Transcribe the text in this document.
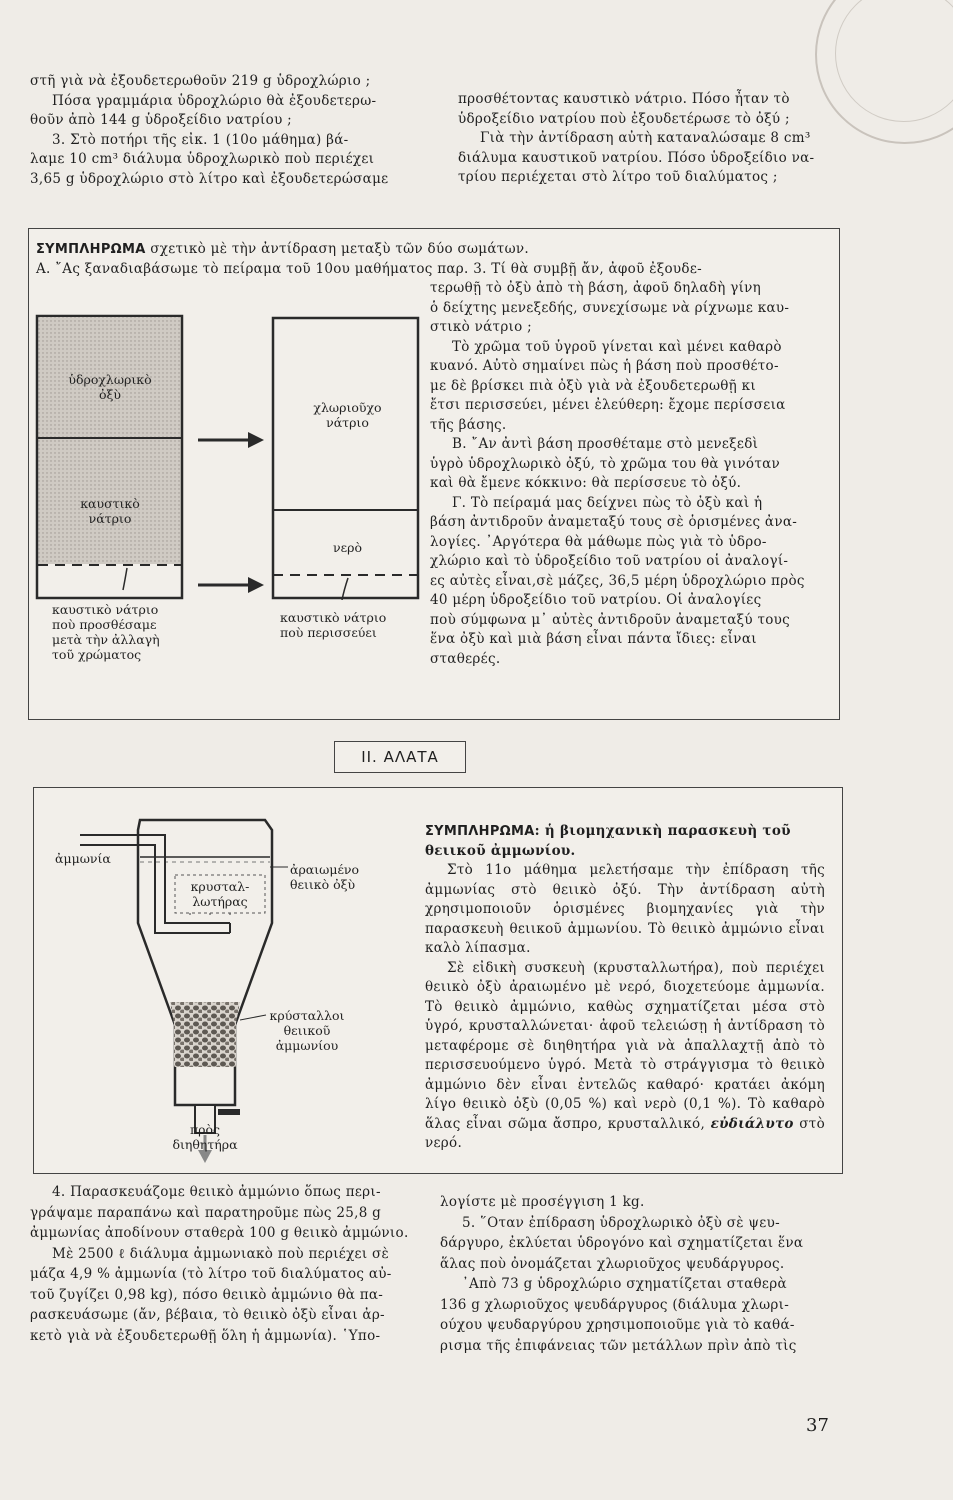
στῆ γιὰ νὰ ἐξουδετερωθοῦν 219 g ὑδροχλώριο ;

Πόσα γραμμάρια ὑδροχλώριο θὰ ἐξουδετερω-

θοῦν ἀπὸ 144 g ὑδροξείδιο νατρίου ;

3. Στὸ ποτήρι τῆς εἰκ. 1 (10ο μάθημα) βά-

λαμε 10 cm³ διάλυμα ὑδροχλωρικὸ ποὺ περιέχει

3,65 g ὑδροχλώριο στὸ λίτρο καὶ ἐξουδετερώσαμε

προσθέτοντας καυστικὸ νάτριο. Πόσο ἦταν τὸ

ὑδροξείδιο νατρίου ποὺ ἐξουδετέρωσε τὸ ὀξύ ;

Γιὰ τὴν ἀντίδραση αὐτὴ καταναλώσαμε 8 cm³

διάλυμα καυστικοῦ νατρίου. Πόσο ὑδροξείδιο να-

τρίου περιέχεται στὸ λίτρο τοῦ διαλύματος ;

ΣΥΜΠΛΗΡΩΜΑ σχετικὸ μὲ τὴν ἀντίδραση μεταξὺ τῶν δύο σωμάτων.

Α. ῎Ας ξαναδιαβάσωμε τὸ πείραμα τοῦ 10ου μαθήματος παρ. 3. Τί θὰ συμβῇ ἄν, ἀφοῦ ἐξουδε-

τερωθῇ τὸ ὀξὺ ἀπὸ τὴ βάση, ἀφοῦ δηλαδὴ γίνη

ὁ δείχτης μενεξεδής, συνεχίσωμε νὰ ρίχνωμε καυ-

στικὸ νάτριο ;

Τὸ χρῶμα τοῦ ὑγροῦ γίνεται καὶ μένει καθαρὸ

κυανό. Αὐτὸ σημαίνει πὼς ἡ βάση ποὺ προσθέτο-

με δὲ βρίσκει πιὰ ὀξὺ γιὰ νὰ ἐξουδετερωθῇ κι

ἔτσι περισσεύει, μένει ἐλεύθερη: ἔχομε περίσσεια

τῆς βάσης.

Β. ῎Αν ἀντὶ βάση προσθέταμε στὸ μενεξεδὶ

ὑγρὸ ὑδροχλωρικὸ ὀξύ, τὸ χρῶμα του θὰ γινόταν

καὶ θὰ ἔμενε κόκκινο: θὰ περίσσευε τὸ ὀξύ.

Γ. Τὸ πείραμά μας δείχνει πὼς τὸ ὀξὺ καὶ ἡ

βάση ἀντιδροῦν ἀναμεταξύ τους σὲ ὁρισμένες ἀνα-

λογίες. ᾿Αργότερα θὰ μάθωμε πὼς γιὰ τὸ ὑδρο-

χλώριο καὶ τὸ ὑδροξείδιο τοῦ νατρίου οἱ ἀναλογί-

ες αὐτὲς εἶναι,σὲ μάζες, 36,5 μέρη ὑδροχλώριο πρὸς

40 μέρη ὑδροξείδιο τοῦ νατρίου. Οἱ ἀναλογίες

ποὺ σύμφωνα μ᾿ αὐτὲς ἀντιδροῦν ἀναμεταξύ τους

ἕνα ὀξὺ καὶ μιὰ βάση εἶναι πάντα ἴδιες: εἶναι

σταθερές.

ὑδροχλωρικὸ
ὀξὺ
καυστικὸ
νάτριο
χλωριοῦχο
νάτριο
νερὸ
καυστικὸ νάτριο
ποὺ προσθέσαμε
μετὰ τὴν ἀλλαγὴ
τοῦ χρώματος
καυστικὸ νάτριο
ποὺ περισσεύει
II. ΑΛΑΤΑ

ΣΥΜΠΛΗΡΩΜΑ: ἡ βιομηχανικὴ παρασκευὴ τοῦ θειικοῦ ἀμμωνίου.

Στὸ 11ο μάθημα μελετήσαμε τὴν ἐπίδραση τῆς ἀμμωνίας στὸ θειικὸ ὀξύ. Τὴν ἀντίδραση αὐτὴ χρησιμοποιοῦν ὁρισμένες βιομηχανίες γιὰ τὴν παρασκευὴ θειικοῦ ἀμμωνίου. Τὸ θειικὸ ἀμμώνιο εἶναι καλὸ λίπασμα.

Σὲ εἰδικὴ συσκευὴ (κρυσταλλωτήρα), ποὺ περιέχει θειικὸ ὀξὺ ἀραιωμένο μὲ νερό, διοχετεύομε ἀμμωνία. Τὸ θειικὸ ἀμμώνιο, καθὼς σχηματίζεται μέσα στὸ ὑγρό, κρυσταλλώνεται· ἀφοῦ τελειώσῃ ἡ ἀντίδραση τὸ μεταφέρομε σὲ διηθητήρα γιὰ νὰ ἀπαλλαχτῇ ἀπὸ τὸ περισσευούμενο ὑγρό. Μετὰ τὸ στράγγισμα τὸ θειικὸ ἀμμώνιο δὲν εἶναι ἐντελῶς καθαρό· κρατάει ἀκόμη λίγο θειικὸ ὀξὺ (0,05 %) καὶ νερὸ (0,1 %). Τὸ καθαρὸ ἅλας εἶναι σῶμα ἄσπρο, κρυσταλλικό, εὐδιάλυτο στὸ νερό.

ἀμμωνία
κρυσταλ-
λωτήρας
ἀραιωμένο
θειικὸ ὀξὺ
κρύσταλλοι
θειικοῦ
ἀμμωνίου
πρὸς
διηθητήρα

4. Παρασκευάζομε θειικὸ ἀμμώνιο ὅπως περι-

γράψαμε παραπάνω καὶ παρατηροῦμε πὼς 25,8 g

ἀμμωνίας ἀποδίνουν σταθερὰ 100 g θειικὸ ἀμμώνιο.

Μὲ 2500 ℓ διάλυμα ἀμμωνιακὸ ποὺ περιέχει σὲ

μάζα 4,9 % ἀμμωνία (τὸ λίτρο τοῦ διαλύματος αὐ-

τοῦ ζυγίζει 0,98 kg), πόσο θειικὸ ἀμμώνιο θὰ πα-

ρασκευάσωμε (ἄν, βέβαια, τὸ θειικὸ ὀξὺ εἶναι ἀρ-

κετὸ γιὰ νὰ ἐξουδετερωθῇ ὅλη ἡ ἀμμωνία). ῾Υπο-

λογίστε μὲ προσέγγιση 1 kg.

5. ῞Οταν ἐπίδραση ὑδροχλωρικὸ ὀξὺ σὲ ψευ-

δάργυρο, ἐκλύεται ὑδρογόνο καὶ σχηματίζεται ἕνα

ἅλας ποὺ ὀνομάζεται χλωριοῦχος ψευδάργυρος.

᾿Απὸ 73 g ὑδροχλώριο σχηματίζεται σταθερὰ

136 g χλωριοῦχος ψευδάργυρος (διάλυμα χλωρι-

ούχου ψευδαργύρου χρησιμοποιοῦμε γιὰ τὸ καθά-

ρισμα τῆς ἐπιφάνειας τῶν μετάλλων πρὶν ἀπὸ τὶς

37
